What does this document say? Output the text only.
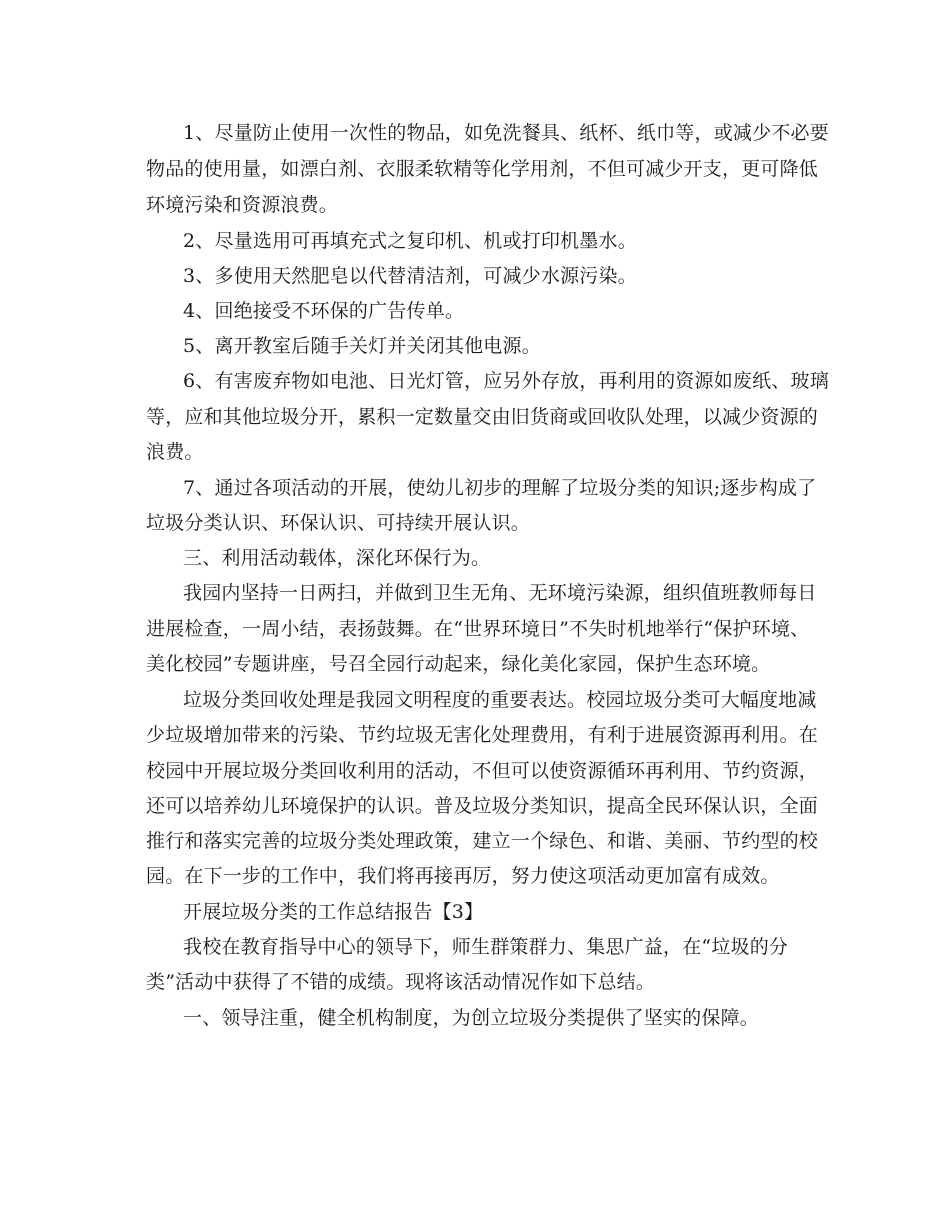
1、尽量防止使用一次性的物品，如免洗餐具、纸杯、纸巾等，或减少不必要
物品的使用量，如漂白剂、衣服柔软精等化学用剂，不但可减少开支，更可降低
环境污染和资源浪费。
2、尽量选用可再填充式之复印机、机或打印机墨水。
3、多使用天然肥皂以代替清洁剂，可减少水源污染。
4、回绝接受不环保的广告传单。
5、离开教室后随手关灯并关闭其他电源。
6、有害废弃物如电池、日光灯管，应另外存放，再利用的资源如废纸、玻璃
等，应和其他垃圾分开，累积一定数量交由旧货商或回收队处理，以减少资源的
浪费。
7、通过各项活动的开展，使幼儿初步的理解了垃圾分类的知识;逐步构成了
垃圾分类认识、环保认识、可持续开展认识。
三、利用活动载体，深化环保行为。
我园内坚持一日两扫，并做到卫生无角、无环境污染源，组织值班教师每日
进展检查，一周小结，表扬鼓舞。在“世界环境日”不失时机地举行“保护环境、
美化校园”专题讲座，号召全园行动起来，绿化美化家园，保护生态环境。
垃圾分类回收处理是我园文明程度的重要表达。校园垃圾分类可大幅度地减
少垃圾增加带来的污染、节约垃圾无害化处理费用，有利于进展资源再利用。在
校园中开展垃圾分类回收利用的活动，不但可以使资源循环再利用、节约资源，
还可以培养幼儿环境保护的认识。普及垃圾分类知识，提高全民环保认识，全面
推行和落实完善的垃圾分类处理政策，建立一个绿色、和谐、美丽、节约型的校
园。在下一步的工作中，我们将再接再厉，努力使这项活动更加富有成效。
开展垃圾分类的工作总结报告【3】
我校在教育指导中心的领导下，师生群策群力、集思广益，在“垃圾的分
类”活动中获得了不错的成绩。现将该活动情况作如下总结。
一、领导注重，健全机构制度，为创立垃圾分类提供了坚实的保障。
